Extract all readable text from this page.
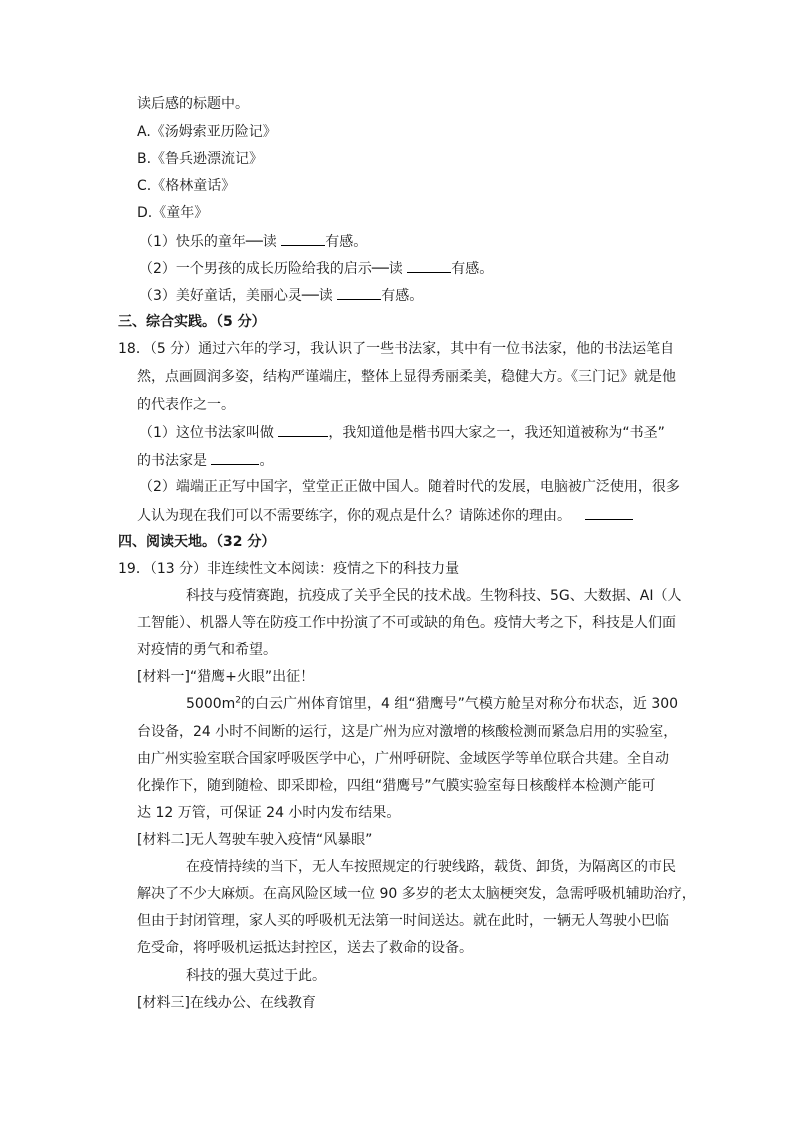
读后感的标题中。
A.《汤姆索亚历险记》
B.《鲁兵逊漂流记》
C.《格林童话》
D.《童年》
（1）快乐的童年──读	有感。
（2）一个男孩的成长历险给我的启示──读	有感。
（3）美好童话，美丽心灵──读	有感。
三、综合实践。（5 分）
18．（5 分）通过六年的学习，我认识了一些书法家，其中有一位书法家，他的书法运笔自
然，点画圆润多姿，结构严谨端庄，整体上显得秀丽柔美，稳健大方。《三门记》就是他
的代表作之一。
（1）这位书法家叫做	，我知道他是楷书四大家之一，我还知道被称为“书圣”
的书法家是	。
（2）端端正正写中国字，堂堂正正做中国人。随着时代的发展，电脑被广泛使用，很多
人认为现在我们可以不需要练字，你的观点是什么？请陈述你的理由。
四、阅读天地。（32 分）
19．（13 分）非连续性文本阅读：疫情之下的科技力量
科技与疫情赛跑，抗疫成了关乎全民的技术战。生物科技、5G、大数据、AI（人
工智能）、机器人等在防疫工作中扮演了不可或缺的角色。疫情大考之下，科技是人们面
对疫情的勇气和希望。
[材料一]“猎鹰+火眼”出征！
$5000m^2$的白云广州体育馆里，4 组“猎鹰号”气模方舱呈对称分布状态，近 300
台设备，24 小时不间断的运行，这是广州为应对激增的核酸检测而紧急启用的实验室，
由广州实验室联合国家呼吸医学中心，广州呼研院、金域医学等单位联合共建。全自动
化操作下，随到随检、即采即检，四组“猎鹰号”气膜实验室每日核酸样本检测产能可
达 12 万管，可保证 24 小时内发布结果。
[材料二]无人驾驶车驶入疫情“风暴眼”
在疫情持续的当下，无人车按照规定的行驶线路，载货、卸货，为隔离区的市民
解决了不少大麻烦。在高风险区域一位 90 多岁的老太太脑梗突发，急需呼吸机辅助治疗，
但由于封闭管理，家人买的呼吸机无法第一时间送达。就在此时，一辆无人驾驶小巴临
危受命，将呼吸机运抵达封控区，送去了救命的设备。
科技的强大莫过于此。
[材料三]在线办公、在线教育
